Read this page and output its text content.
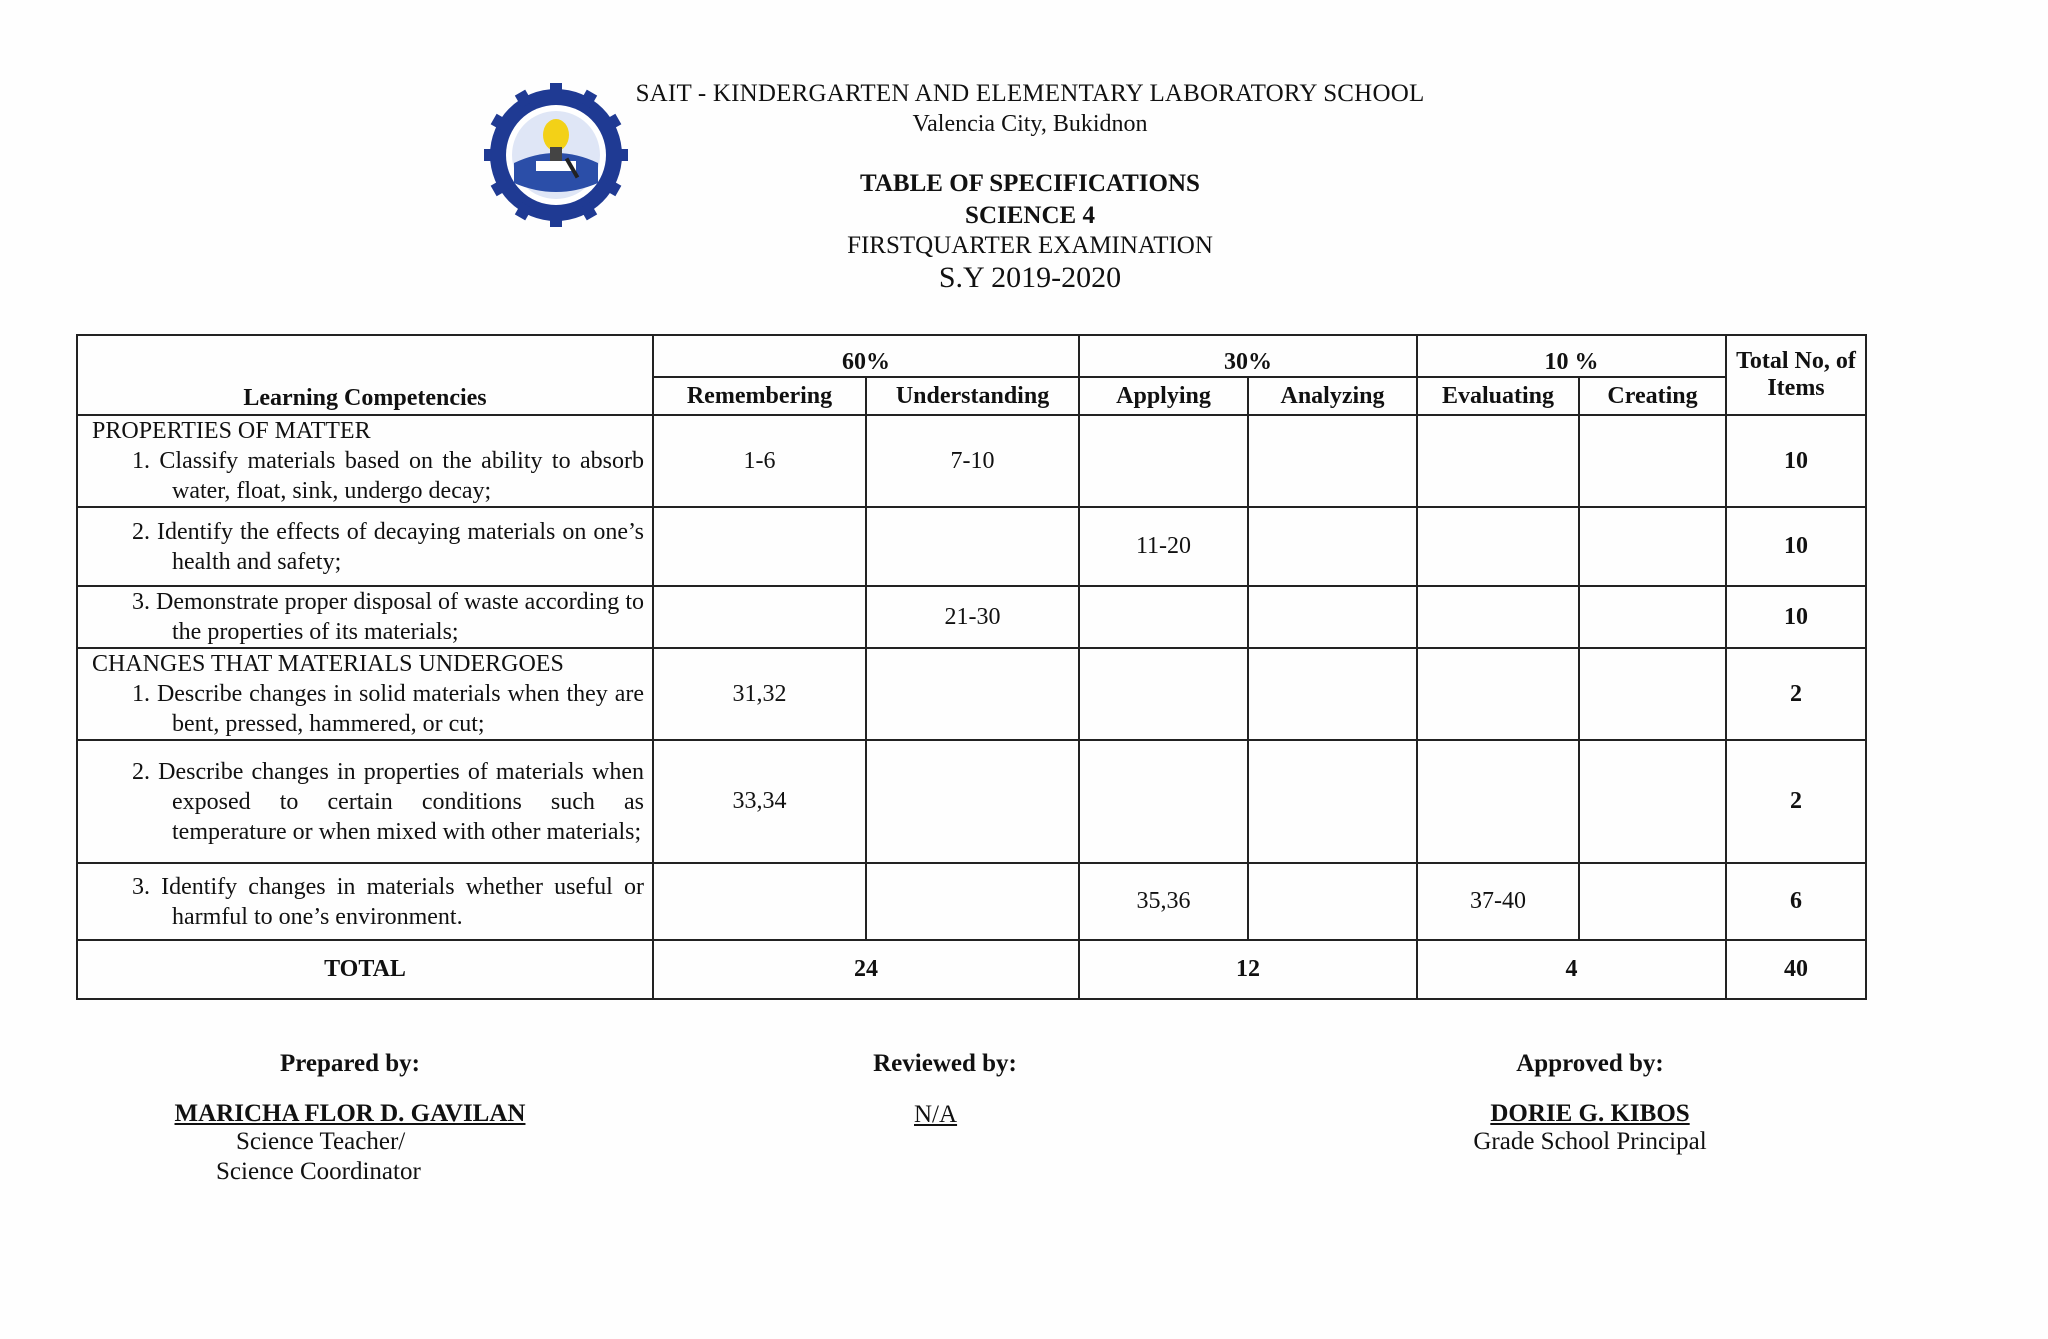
SAIT - KINDERGARTEN AND ELEMENTARY LABORATORY SCHOOL
Valencia City, Bukidnon
TABLE OF SPECIFICATIONS
SCIENCE 4
FIRSTQUARTER EXAMINATION
S.Y 2019-2020
Learning Competencies	60%		30%		10 %		Total No, of Items
	Remembering	Understanding	Applying	Analyzing	Evaluating	Creating	

PROPERTIES OF MATTER
1. Classify materials based on the ability to absorb water, float, sink, undergo decay;	1-6	7-10					10

2. Identify the effects of decaying materials on one’s health and safety;			11-20				10

3. Demonstrate proper disposal of waste according to the properties of its materials;		21-30					10

CHANGES THAT MATERIALS UNDERGOES
1. Describe changes in solid materials when they are bent, pressed, hammered, or cut;	31,32						2

2. Describe changes in properties of materials when exposed to certain conditions such as temperature or when mixed with other materials;	33,34						2

3. Identify changes in materials whether useful or harmful to one’s environment.			35,36		37-40		6
TOTAL	24		12		4		40
Prepared by:
MARICHA FLOR D. GAVILAN
Science Teacher/
Science Coordinator
Reviewed by:
N/A
Approved by:
DORIE G. KIBOS
Grade School Principal
